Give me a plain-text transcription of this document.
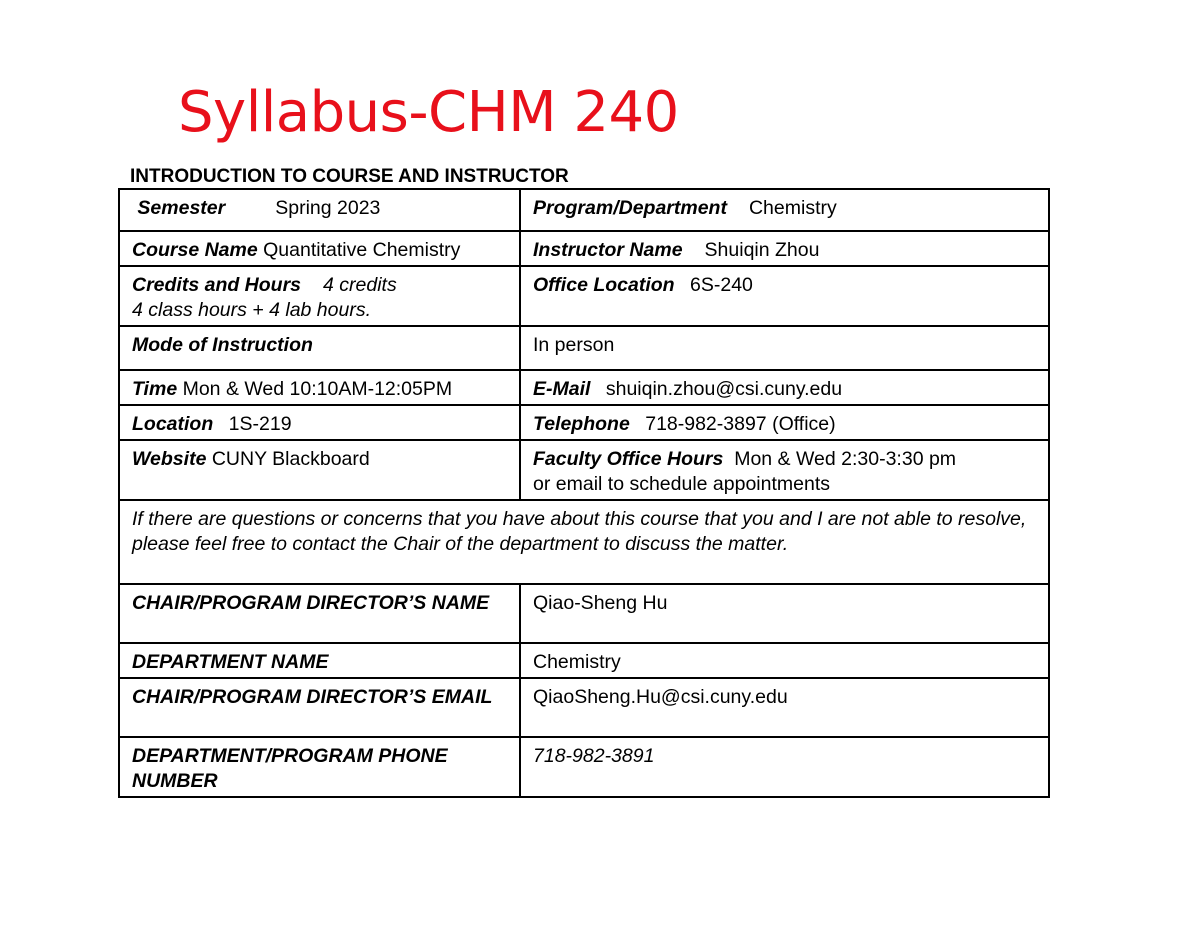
Syllabus-CHM 240
INTRODUCTION TO COURSE AND INSTRUCTOR
Semester Spring 2023	Program/Department Chemistry
Course Name Quantitative Chemistry	Instructor Name Shuiqin Zhou
Credits and Hours 4 credits
4 class hours + 4 lab hours.	Office Location 6S-240
Mode of Instruction	In person
Time Mon & Wed 10:10AM-12:05PM	E-Mail shuiqin.zhou@csi.cuny.edu
Location 1S-219	Telephone 718-982-3897 (Office)
Website CUNY Blackboard	Faculty Office Hours Mon & Wed 2:30-3:30 pm
or email to schedule appointments
If there are questions or concerns that you have about this course that you and I are not able to resolve, please feel free to contact the Chair of the department to discuss the matter.	
CHAIR/PROGRAM DIRECTOR’S NAME	Qiao-Sheng Hu
DEPARTMENT NAME	Chemistry
CHAIR/PROGRAM DIRECTOR’S EMAIL	QiaoSheng.Hu@csi.cuny.edu
DEPARTMENT/PROGRAM PHONE NUMBER	718-982-3891
